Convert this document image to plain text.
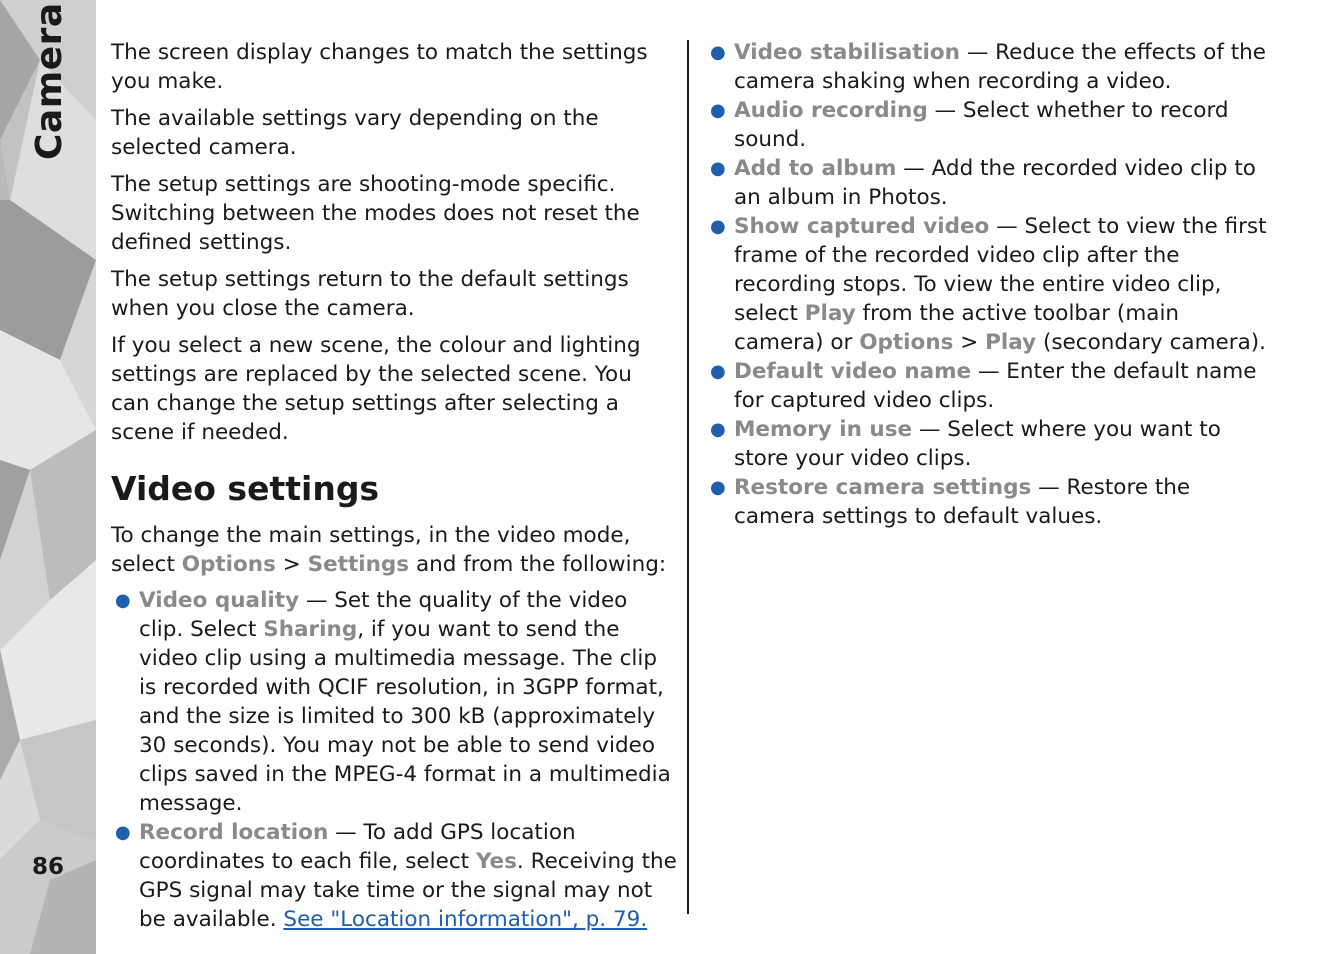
Camera
86

The screen display changes to match the settings you make.

The available settings vary depending on the selected camera.

The setup settings are shooting-mode specific. Switching between the modes does not reset the defined settings.

The setup settings return to the default settings when you close the camera.

If you select a new scene, the colour and lighting settings are replaced by the selected scene. You can change the setup settings after selecting a scene if needed.

Video settings

To change the main settings, in the video mode, select Options > Settings and from the following:

● Video quality — Set the quality of the video clip. Select Sharing, if you want to send the video clip using a multimedia message. The clip is recorded with QCIF resolution, in 3GPP format, and the size is limited to 300 kB (approximately 30 seconds). You may not be able to send video clips saved in the MPEG-4 format in a multimedia message.
● Record location — To add GPS location coordinates to each file, select Yes. Receiving the GPS signal may take time or the signal may not be available. See "Location information", p. 79.
● Video stabilisation — Reduce the effects of the camera shaking when recording a video.
● Audio recording — Select whether to record sound.
● Add to album — Add the recorded video clip to an album in Photos.
● Show captured video — Select to view the first frame of the recorded video clip after the recording stops. To view the entire video clip, select Play from the active toolbar (main camera) or Options > Play (secondary camera).
● Default video name — Enter the default name for captured video clips.
● Memory in use — Select where you want to store your video clips.
● Restore camera settings — Restore the camera settings to default values.
